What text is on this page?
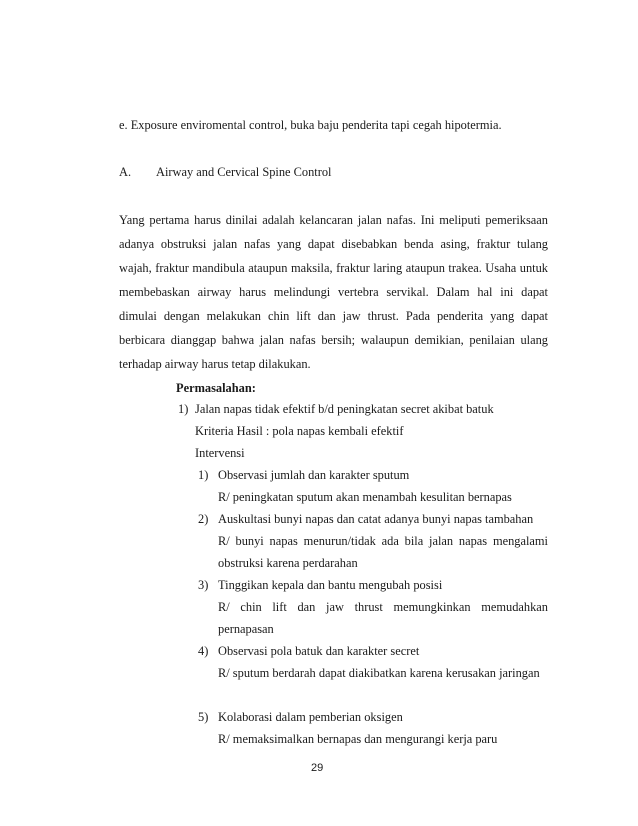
e. Exposure enviromental control, buka baju penderita tapi cegah hipotermia.
A. Airway and Cervical Spine Control
Yang pertama harus dinilai adalah kelancaran jalan nafas. Ini meliputi pemeriksaan
adanya obstruksi jalan nafas yang dapat disebabkan benda asing, fraktur tulang
wajah, fraktur mandibula ataupun maksila, fraktur laring ataupun trakea. Usaha untuk
membebaskan airway harus melindungi vertebra servikal. Dalam hal ini dapat
dimulai dengan melakukan chin lift dan jaw thrust. Pada penderita yang dapat
berbicara dianggap bahwa jalan nafas bersih; walaupun demikian, penilaian ulang
terhadap airway harus tetap dilakukan.
Permasalahan:
1) Jalan napas tidak efektif b/d peningkatan secret akibat batuk
Kriteria Hasil : pola napas kembali efektif
Intervensi
1) Observasi jumlah dan karakter sputum
R/ peningkatan sputum akan menambah kesulitan bernapas
2) Auskultasi bunyi napas dan catat adanya bunyi napas tambahan
R/ bunyi napas menurun/tidak ada bila jalan napas mengalami
obstruksi karena perdarahan
3) Tinggikan kepala dan bantu mengubah posisi
R/ chin lift dan jaw thrust memungkinkan memudahkan
pernapasan
4) Observasi pola batuk dan karakter secret
R/ sputum berdarah dapat diakibatkan karena kerusakan jaringan
5) Kolaborasi dalam pemberian oksigen
R/ memaksimalkan bernapas dan mengurangi kerja paru
29
